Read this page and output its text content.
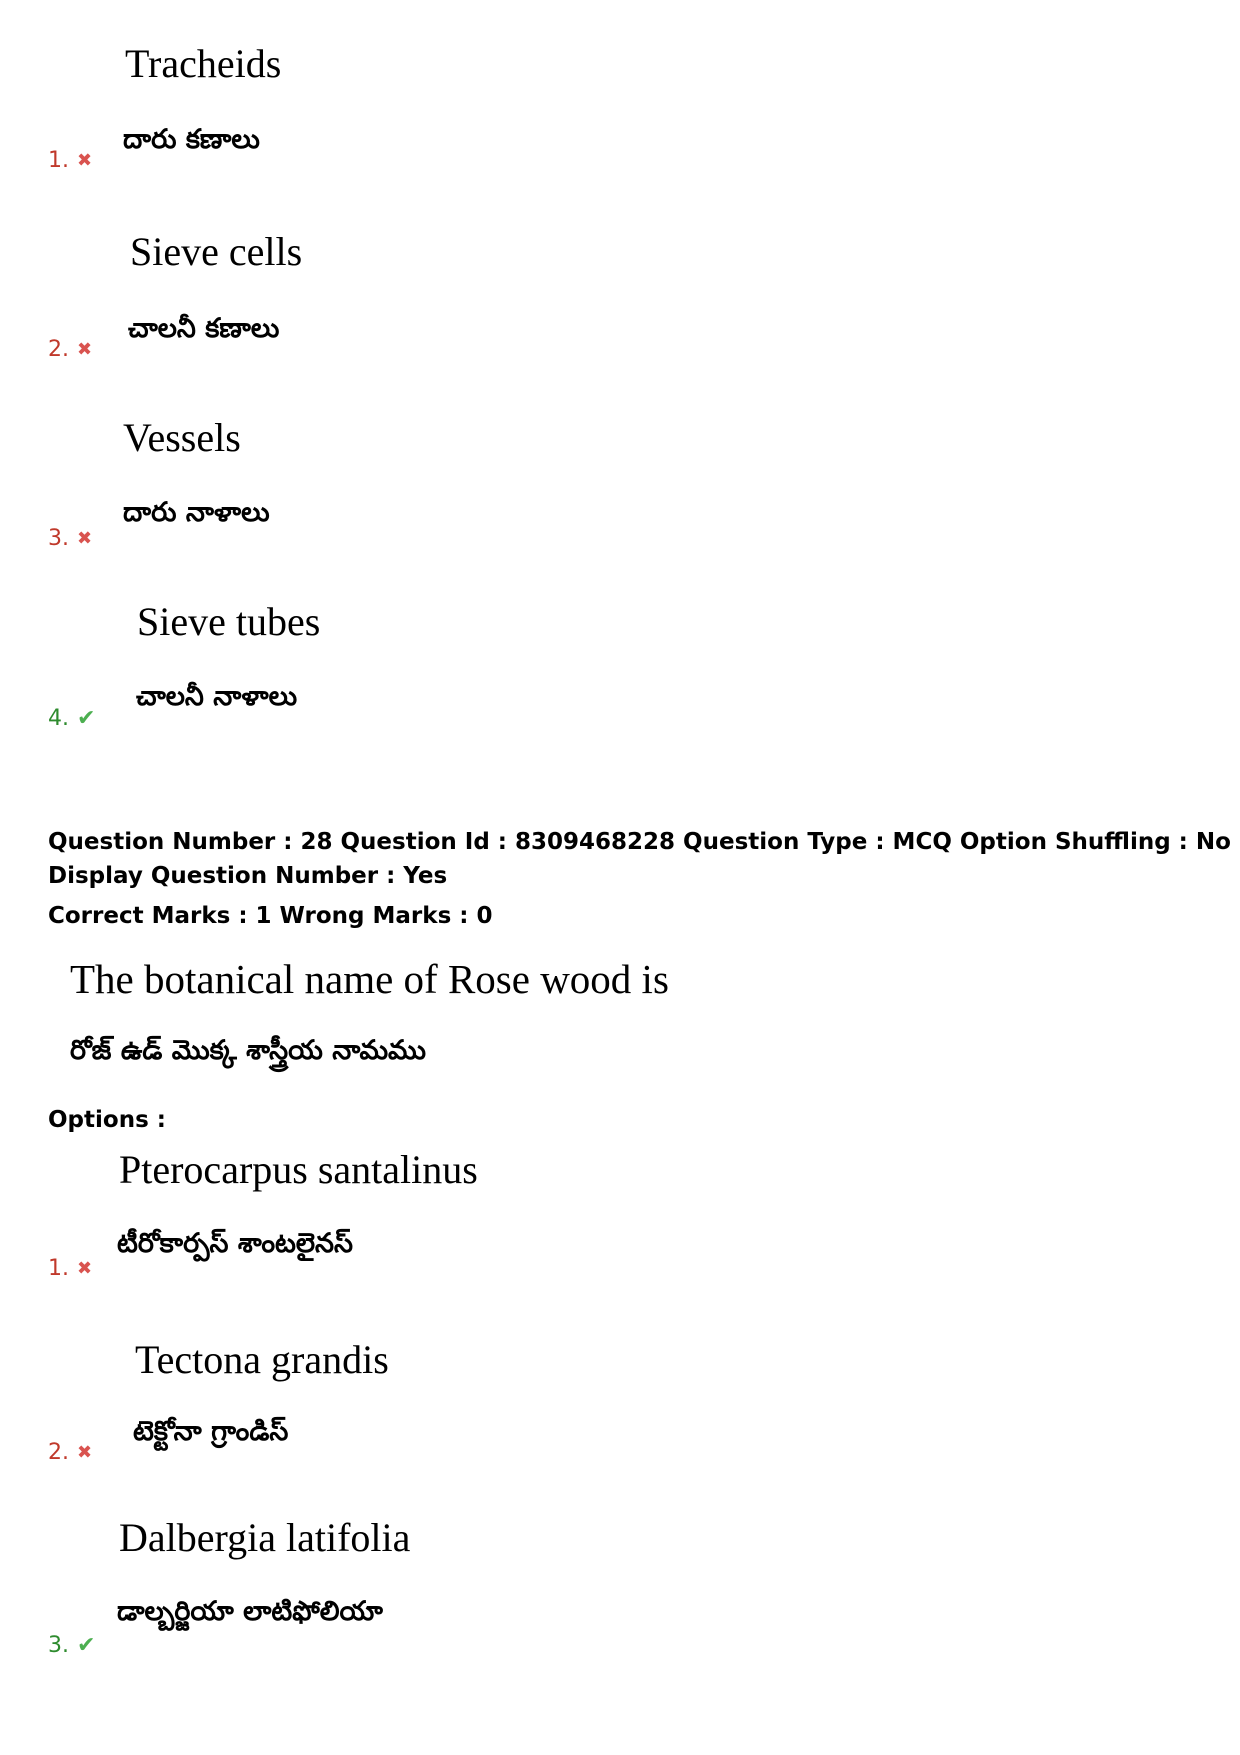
Tracheids
దారు కణాలు
1. ✖
Sieve cells
చాలనీ కణాలు
2. ✖
Vessels
దారు నాళాలు
3. ✖
Sieve tubes
చాలనీ నాళాలు
4. ✔
Question Number : 28 Question Id : 8309468228 Question Type : MCQ Option Shuffling : No
Display Question Number : Yes
Correct Marks : 1 Wrong Marks : 0
The botanical name of Rose wood is
రోజ్ ఉడ్ మొక్క శాస్త్రీయ నామము
Options :
Pterocarpus santalinus
టీరోకార్పస్ శాంటలైనస్
1. ✖
Tectona grandis
టెక్టోనా గ్రాండిస్
2. ✖
Dalbergia latifolia
డాల్బర్జియా లాటిఫోలియా
3. ✔
